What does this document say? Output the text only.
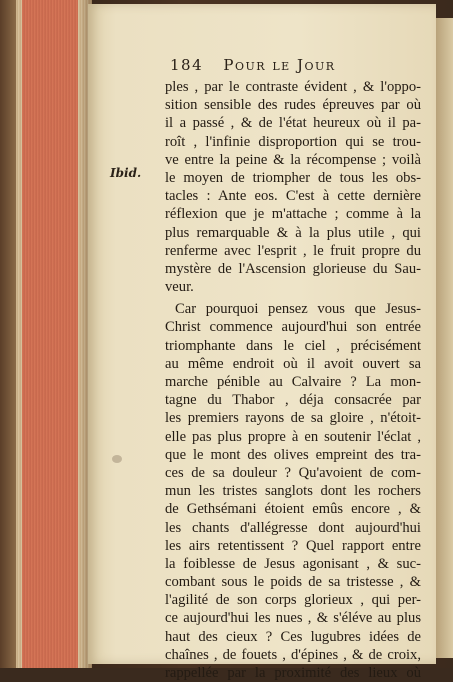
184 Pour le Jour
Ibid.
ples , par le contraste évident , & l'oppo-
sition sensible des rudes épreuves par où
il a passé , & de l'état heureux où il pa-
roît , l'infinie disproportion qui se trou-
ve entre la peine & la récompense ; voilà
le moyen de triompher de tous les obs-
tacles : Ante eos. C'est à cette dernière
réflexion que je m'attache ; comme à la
plus remarquable & à la plus utile , qui
renferme avec l'esprit , le fruit propre du
mystère de l'Ascension glorieuse du Sau-
veur.
Car pourquoi pensez vous que Jesus-
Christ commence aujourd'hui son entrée
triomphante dans le ciel , précisément
au même endroit où il avoit ouvert sa
marche pénible au Calvaire ? La mon-
tagne du Thabor , déja consacrée par
les premiers rayons de sa gloire , n'étoit-
elle pas plus propre à en soutenir l'éclat ,
que le mont des olives empreint des tra-
ces de sa douleur ? Qu'avoient de com-
mun les tristes sanglots dont les rochers
de Gethsémani étoient emûs encore , &
les chants d'allégresse dont aujourd'hui
les airs retentissent ? Quel rapport entre
la foiblesse de Jesus agonisant , & suc-
combant sous le poids de sa tristesse , &
l'agilité de son corps glorieux , qui per-
ce aujourd'hui les nues , & s'éléve au plus
haut des cieux ? Ces lugubres idées de
chaînes , de fouets , d'épines , & de croix,
rappellée par la proximité des lieux où
